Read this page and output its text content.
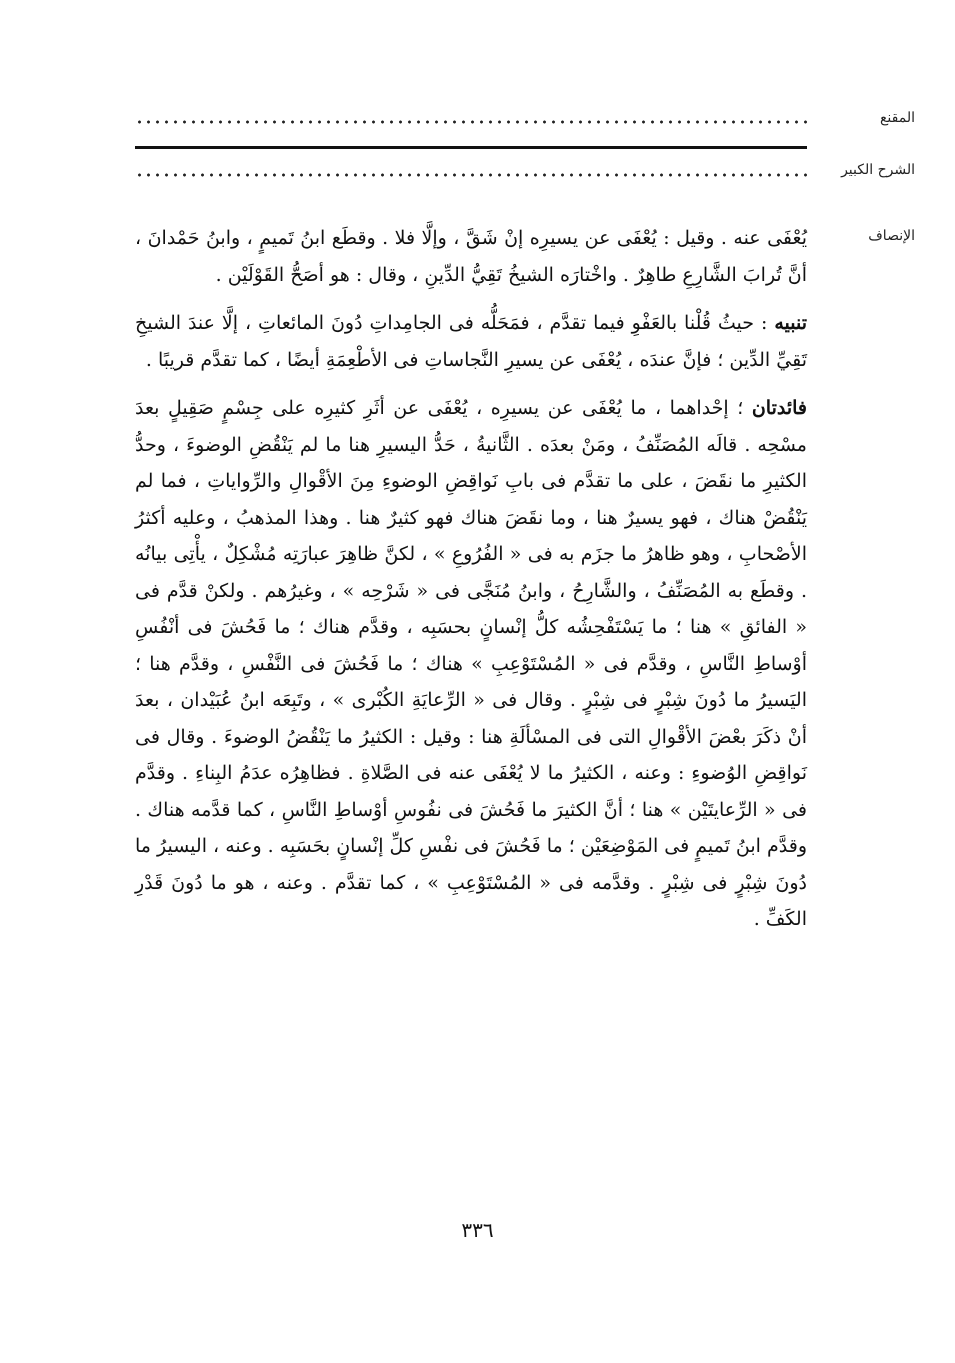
المقنع
الشرح الكبير
الإنصاف

يُعْفَى عنه . وقيل : يُعْفَى عن يسيرِه إنْ شَقَّ ، وإلَّا فلا . وقطَع ابنُ تَميمٍ ، وابنُ حَمْدانَ ، أنَّ تُرابَ الشَّارِعِ طاهِرٌ . واخْتارَه الشيخُ تَقِيُّ الدِّينِ ، وقال : هو أصَحُّ القَوْلَيْن .

تنبيه : حيثُ قُلْنا بالعَفْوِ فيما تقدَّم ، فمَحَلُّه فى الجامِداتِ دُونَ المائعاتِ ، إلَّا عندَ الشيخِ تَقِيِّ الدِّين ؛ فإنَّ عندَه ، يُعْفَى عن يسيرِ النَّجاساتِ فى الأطْعِمَةِ أيضًا ، كما تقدَّم قريبًا .

فائدتان ؛ إحْداهما ، ما يُعْفَى عن يسيرِه ، يُعْفَى عن أثَرِ كثيرِه على جِسْمٍ صَقِيلٍ بعدَ مسْحِه . قالَه المُصَنِّفُ ، ومَنْ بعدَه . الثَّانيةُ ، حَدُّ اليسيرِ هنا ما لم يَنْقُضِ الوضوءَ ، وحدُّ الكثيرِ ما نقَضَ ، على ما تقدَّم فى بابِ نَواقِضِ الوضوءِ مِنَ الأقْوالِ والرِّواياتِ ، فما لم يَنْقُضْ هناك ، فهو يسيرٌ هنا ، وما نقَضَ هناك فهو كثيرٌ هنا . وهذا المذهبُ ، وعليه أكثرُ الأصْحابِ ، وهو ظاهرُ ما جزَم به فى « الفُرُوعِ » ، لكنَّ ظاهِرَ عبارَتِه مُشْكِلٌ ، يأْتِى بيانُه . وقطَع به المُصَنِّفُ ، والشَّارِحُ ، وابنُ مُنَجَّى فى « شَرْحِه » ، وغيرُهم . ولكنْ قدَّم فى « الفائقِ » هنا ؛ ما يَسْتَفْحِشُه كلُّ إنْسانٍ بحسَبِه ، وقدَّم هناك ؛ ما فَحُشَ فى أنْفُسِ أوْساطِ النَّاسِ ، وقدَّم فى « المُسْتَوْعِبِ » هناك ؛ ما فَحُشَ فى النَّفْسِ ، وقدَّم هنا ؛ اليَسيرُ ما دُونَ شِبْرٍ فى شِبْرٍ . وقال فى « الرِّعايَةِ الكُبْرى » ، وتَبِعَه ابنُ عُبَيْدان ، بعدَ أنْ ذكَرَ بعْضَ الأقْوالِ التى فى المسْألَةِ هنا : وقيل : الكثيرُ ما يَنْقُضُ الوضوءَ . وقال فى نَواقِضِ الوُضوءِ : وعنه ، الكثيرُ ما لا يُعْفَى عنه فى الصَّلاةِ . فظاهِرُه عدَمُ البِناءِ . وقدَّم فى « الرِّعايتَيْن » هنا ؛ أنَّ الكثيرَ ما فَحُشَ فى نفُوسِ أوْساطِ النَّاسِ ، كما قدَّمه هناك . وقدَّم ابنُ تَميمٍ فى المَوْضِعَيْن ؛ ما فَحُشَ فى نفْسِ كلِّ إنْسانٍ بحَسَبِه . وعنه ، اليسيرُ ما دُونَ شِبْرٍ فى شِبْرٍ . وقدَّمه فى « المُسْتَوْعِبِ » ، كما تقدَّم . وعنه ، هو ما دُونَ قَدْرِ الكَفِّ .

٣٣٦
